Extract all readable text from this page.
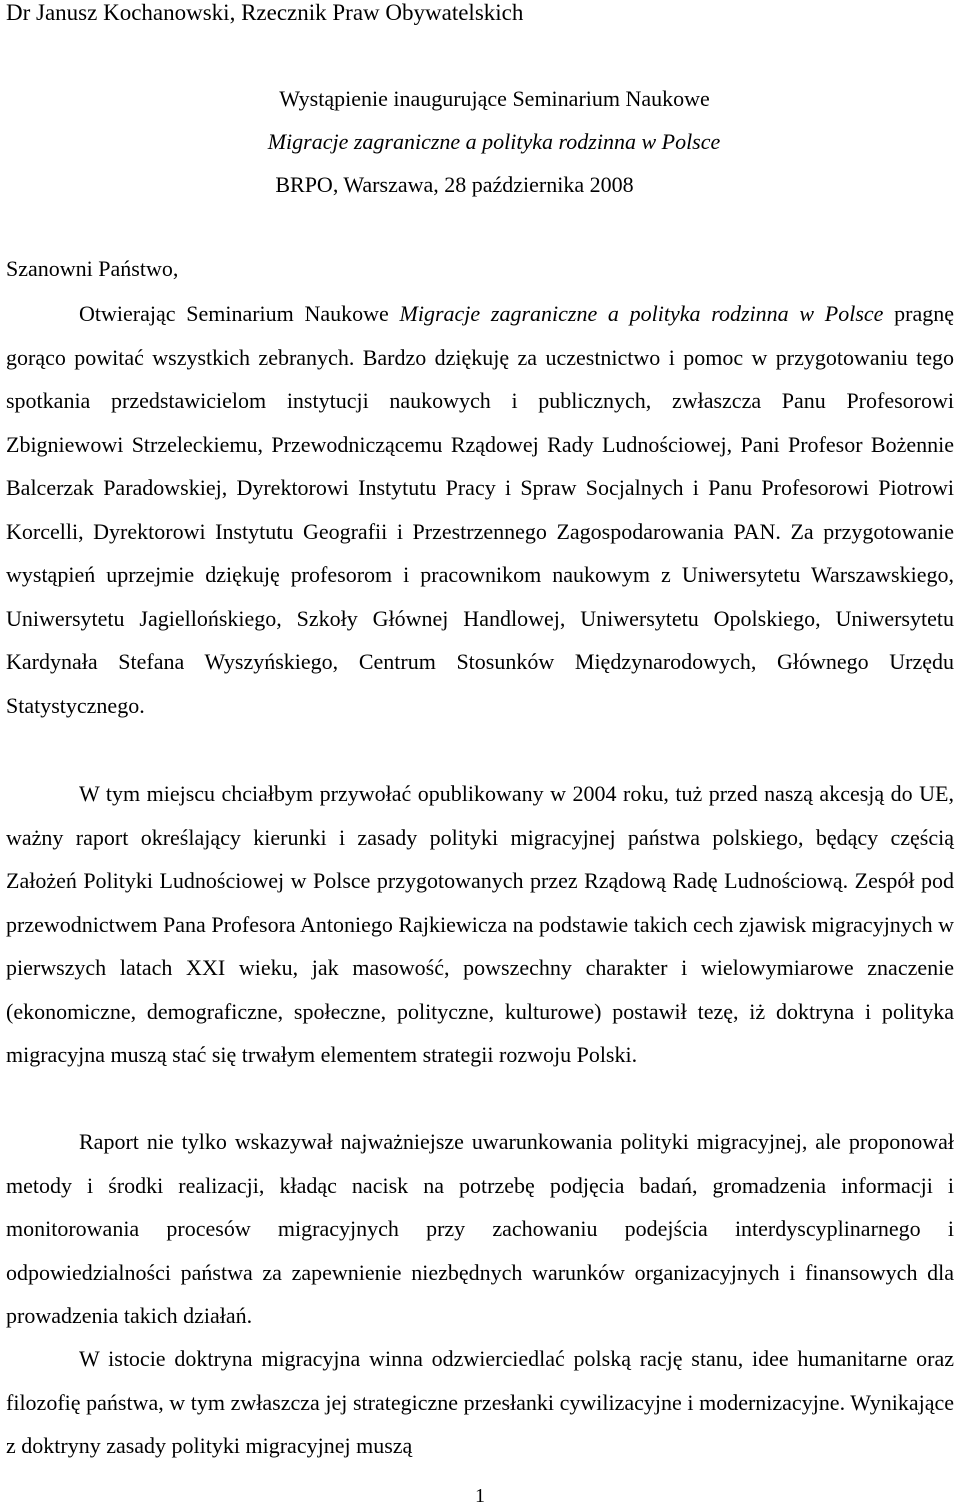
Dr Janusz Kochanowski, Rzecznik Praw Obywatelskich
Wystąpienie inaugurujące Seminarium Naukowe
Migracje zagraniczne a polityka rodzinna w Polsce
BRPO, Warszawa, 28 października 2008
Szanowni Państwo,
Otwierając Seminarium Naukowe Migracje zagraniczne a polityka rodzinna w Polsce pragnę gorąco powitać wszystkich zebranych. Bardzo dziękuję za uczestnictwo i pomoc w przygotowaniu tego spotkania przedstawicielom instytucji naukowych i publicznych, zwłaszcza Panu Profesorowi Zbigniewowi Strzeleckiemu, Przewodniczącemu Rządowej Rady Ludnościowej, Pani Profesor Bożennie Balcerzak Paradowskiej, Dyrektorowi Instytutu Pracy i Spraw Socjalnych i Panu Profesorowi Piotrowi Korcelli, Dyrektorowi Instytutu Geografii i Przestrzennego Zagospodarowania PAN. Za przygotowanie wystąpień uprzejmie dziękuję profesorom i pracownikom naukowym z Uniwersytetu Warszawskiego, Uniwersytetu Jagiellońskiego, Szkoły Głównej Handlowej, Uniwersytetu Opolskiego, Uniwersytetu Kardynała Stefana Wyszyńskiego, Centrum Stosunków Międzynarodowych, Głównego Urzędu Statystycznego.
W tym miejscu chciałbym przywołać opublikowany w 2004 roku, tuż przed naszą akcesją do UE, ważny raport określający kierunki i zasady polityki migracyjnej państwa polskiego, będący częścią Założeń Polityki Ludnościowej w Polsce przygotowanych przez Rządową Radę Ludnościową. Zespół pod przewodnictwem Pana Profesora Antoniego Rajkiewicza na podstawie takich cech zjawisk migracyjnych w pierwszych latach XXI wieku, jak masowość, powszechny charakter i wielowymiarowe znaczenie (ekonomiczne, demograficzne, społeczne, polityczne, kulturowe) postawił tezę, iż doktryna i polityka migracyjna muszą stać się trwałym elementem strategii rozwoju Polski.
Raport nie tylko wskazywał najważniejsze uwarunkowania polityki migracyjnej, ale proponował metody i środki realizacji, kładąc nacisk na potrzebę podjęcia badań, gromadzenia informacji i monitorowania procesów migracyjnych przy zachowaniu podejścia interdyscyplinarnego i odpowiedzialności państwa za zapewnienie niezbędnych warunków organizacyjnych i finansowych dla prowadzenia takich działań.
W istocie doktryna migracyjna winna odzwierciedlać polską rację stanu, idee humanitarne oraz filozofię państwa, w tym zwłaszcza jej strategiczne przesłanki cywilizacyjne i modernizacyjne. Wynikające z doktryny zasady polityki migracyjnej muszą
1
